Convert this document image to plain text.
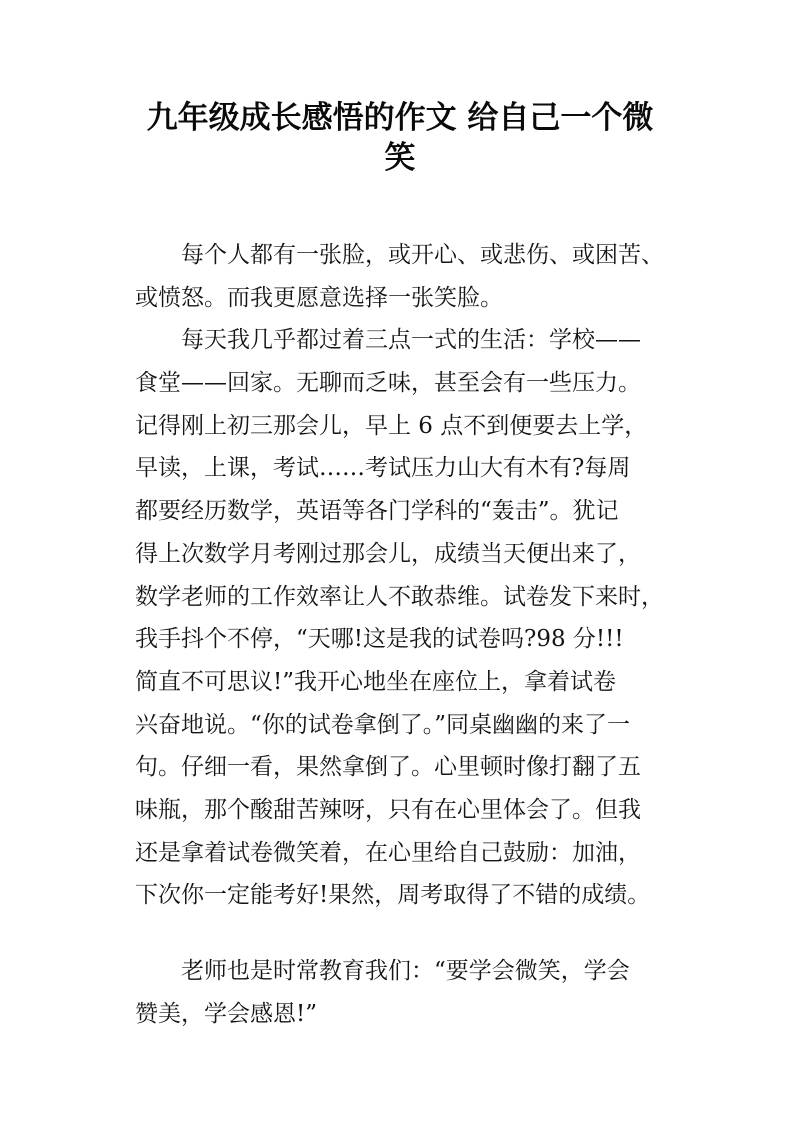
九年级成长感悟的作文 给自己一个微
笑
每个人都有一张脸，或开心、或悲伤、或困苦、
或愤怒。而我更愿意选择一张笑脸。
每天我几乎都过着三点一式的生活：学校——
食堂——回家。无聊而乏味，甚至会有一些压力。
记得刚上初三那会儿，早上 6 点不到便要去上学，
早读，上课，考试……考试压力山大有木有?每周
都要经历数学，英语等各门学科的“轰击”。犹记
得上次数学月考刚过那会儿，成绩当天便出来了，
数学老师的工作效率让人不敢恭维。试卷发下来时，
我手抖个不停，“天哪!这是我的试卷吗?98 分!!!
简直不可思议!”我开心地坐在座位上，拿着试卷
兴奋地说。“你的试卷拿倒了。”同桌幽幽的来了一
句。仔细一看，果然拿倒了。心里顿时像打翻了五
味瓶，那个酸甜苦辣呀，只有在心里体会了。但我
还是拿着试卷微笑着，在心里给自己鼓励：加油，
下次你一定能考好!果然，周考取得了不错的成绩。
老师也是时常教育我们：“要学会微笑，学会
赞美，学会感恩!”
